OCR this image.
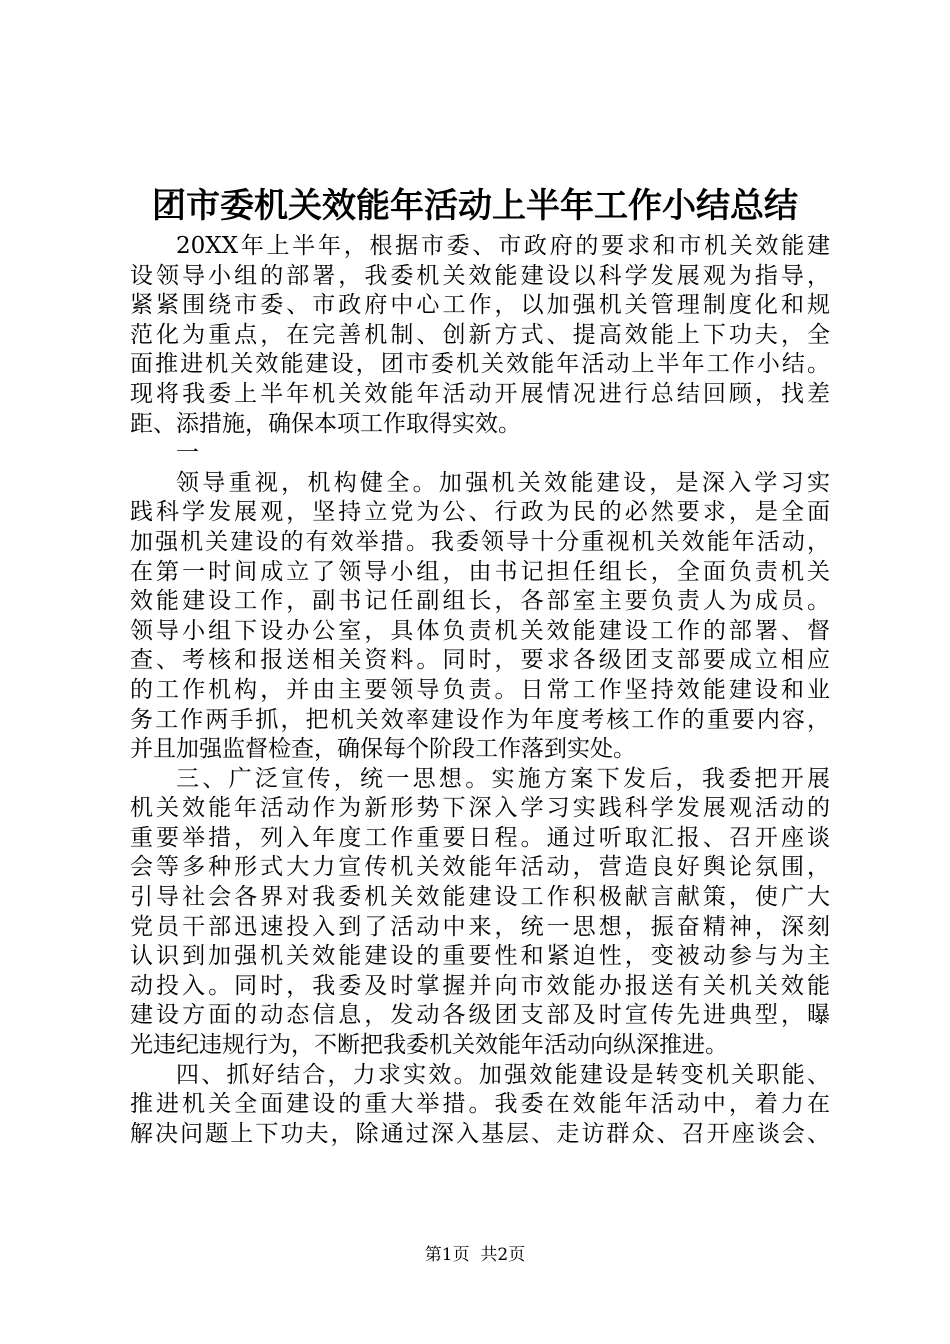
团市委机关效能年活动上半年工作小结总结
20XX年上半年，根据市委、市政府的要求和市机关效能建
设领导小组的部署，我委机关效能建设以科学发展观为指导，
紧紧围绕市委、市政府中心工作，以加强机关管理制度化和规
范化为重点，在完善机制、创新方式、提高效能上下功夫，全
面推进机关效能建设，团市委机关效能年活动上半年工作小结。
现将我委上半年机关效能年活动开展情况进行总结回顾，找差
距、添措施，确保本项工作取得实效。
一
领导重视，机构健全。加强机关效能建设，是深入学习实
践科学发展观，坚持立党为公、行政为民的必然要求，是全面
加强机关建设的有效举措。我委领导十分重视机关效能年活动，
在第一时间成立了领导小组，由书记担任组长，全面负责机关
效能建设工作，副书记任副组长，各部室主要负责人为成员。
领导小组下设办公室，具体负责机关效能建设工作的部署、督
查、考核和报送相关资料。同时，要求各级团支部要成立相应
的工作机构，并由主要领导负责。日常工作坚持效能建设和业
务工作两手抓，把机关效率建设作为年度考核工作的重要内容，
并且加强监督检查，确保每个阶段工作落到实处。
三、广泛宣传，统一思想。实施方案下发后，我委把开展
机关效能年活动作为新形势下深入学习实践科学发展观活动的
重要举措，列入年度工作重要日程。通过听取汇报、召开座谈
会等多种形式大力宣传机关效能年活动，营造良好舆论氛围，
引导社会各界对我委机关效能建设工作积极献言献策，使广大
党员干部迅速投入到了活动中来，统一思想，振奋精神，深刻
认识到加强机关效能建设的重要性和紧迫性，变被动参与为主
动投入。同时，我委及时掌握并向市效能办报送有关机关效能
建设方面的动态信息，发动各级团支部及时宣传先进典型，曝
光违纪违规行为，不断把我委机关效能年活动向纵深推进。
四、抓好结合，力求实效。加强效能建设是转变机关职能、
推进机关全面建设的重大举措。我委在效能年活动中，着力在
解决问题上下功夫，除通过深入基层、走访群众、召开座谈会、
第1页  共2页
